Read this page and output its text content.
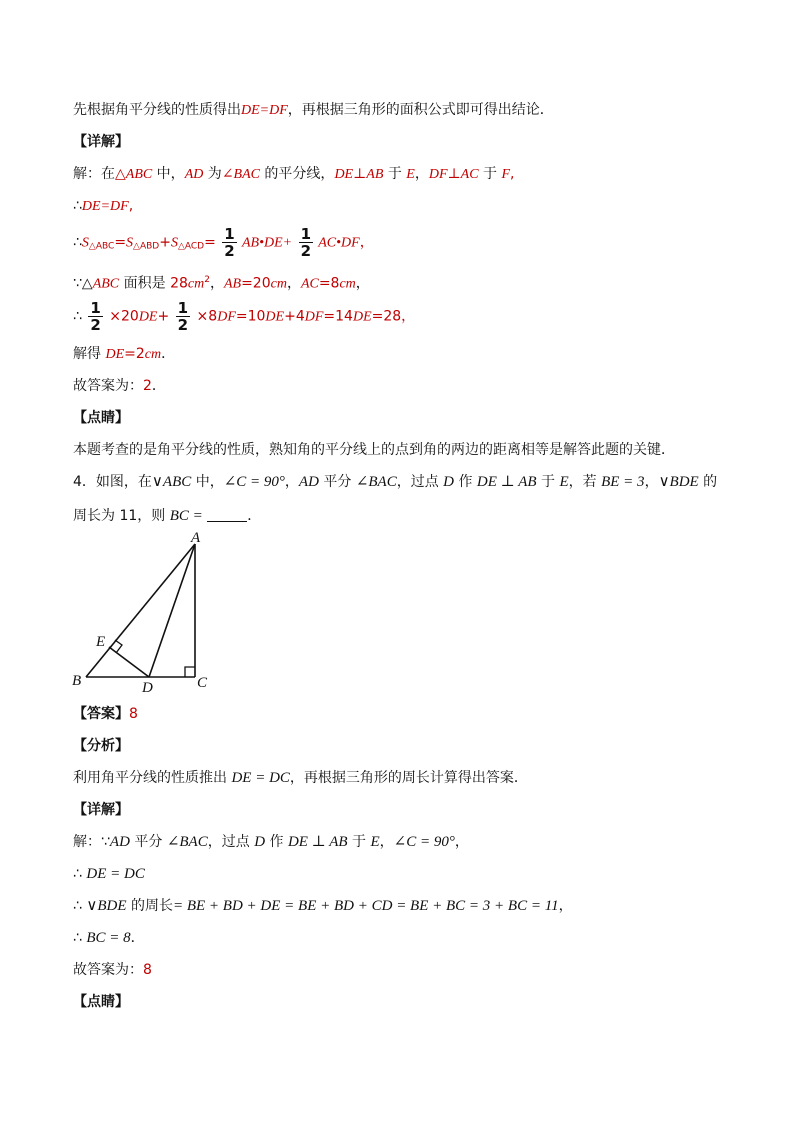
先根据角平分线的性质得出DE=DF，再根据三角形的面积公式即可得出结论．
【详解】
解：在△ABC 中，AD 为∠BAC 的平分线，DE⊥AB 于 E，DF⊥AC 于 F,
∴DE=DF,
$\therefore S_{\triangle ABC}=S_{\triangle ABD}+S_{\triangle ACD}= \frac{1}{2}$ AB•DE+ $\frac{1}{2}$ AC•DF，
∵△ABC 面积是 $28cm^2$，AB=20cm，AC=8cm，
∴ $\frac{1}{2} \times 20DE+ \frac{1}{2} \times 8DF=10DE+4DF=14DE=28$，
解得 DE=2cm．
故答案为：2．
【点睛】
本题考查的是角平分线的性质，熟知角的平分线上的点到角的两边的距离相等是解答此题的关键．
4．如图，在∨ABC 中，∠C = 90°，AD 平分 ∠BAC，过点 D 作 DE ⊥ AB 于 E，若 BE = 3，∨BDE 的
周长为 11，则 BC =	．
A
B	C
D
E
【答案】8
【分析】
利用角平分线的性质推出 DE = DC，再根据三角形的周长计算得出答案．
【详解】
解：∵AD 平分 ∠BAC，过点 D 作 DE ⊥ AB 于 E，∠C = 90°，
∴ DE = DC
∴ ∨BDE 的周长= BE + BD + DE = BE + BD + CD = BE + BC = 3 + BC = 11，
∴ BC = 8．
故答案为：8
【点睛】
